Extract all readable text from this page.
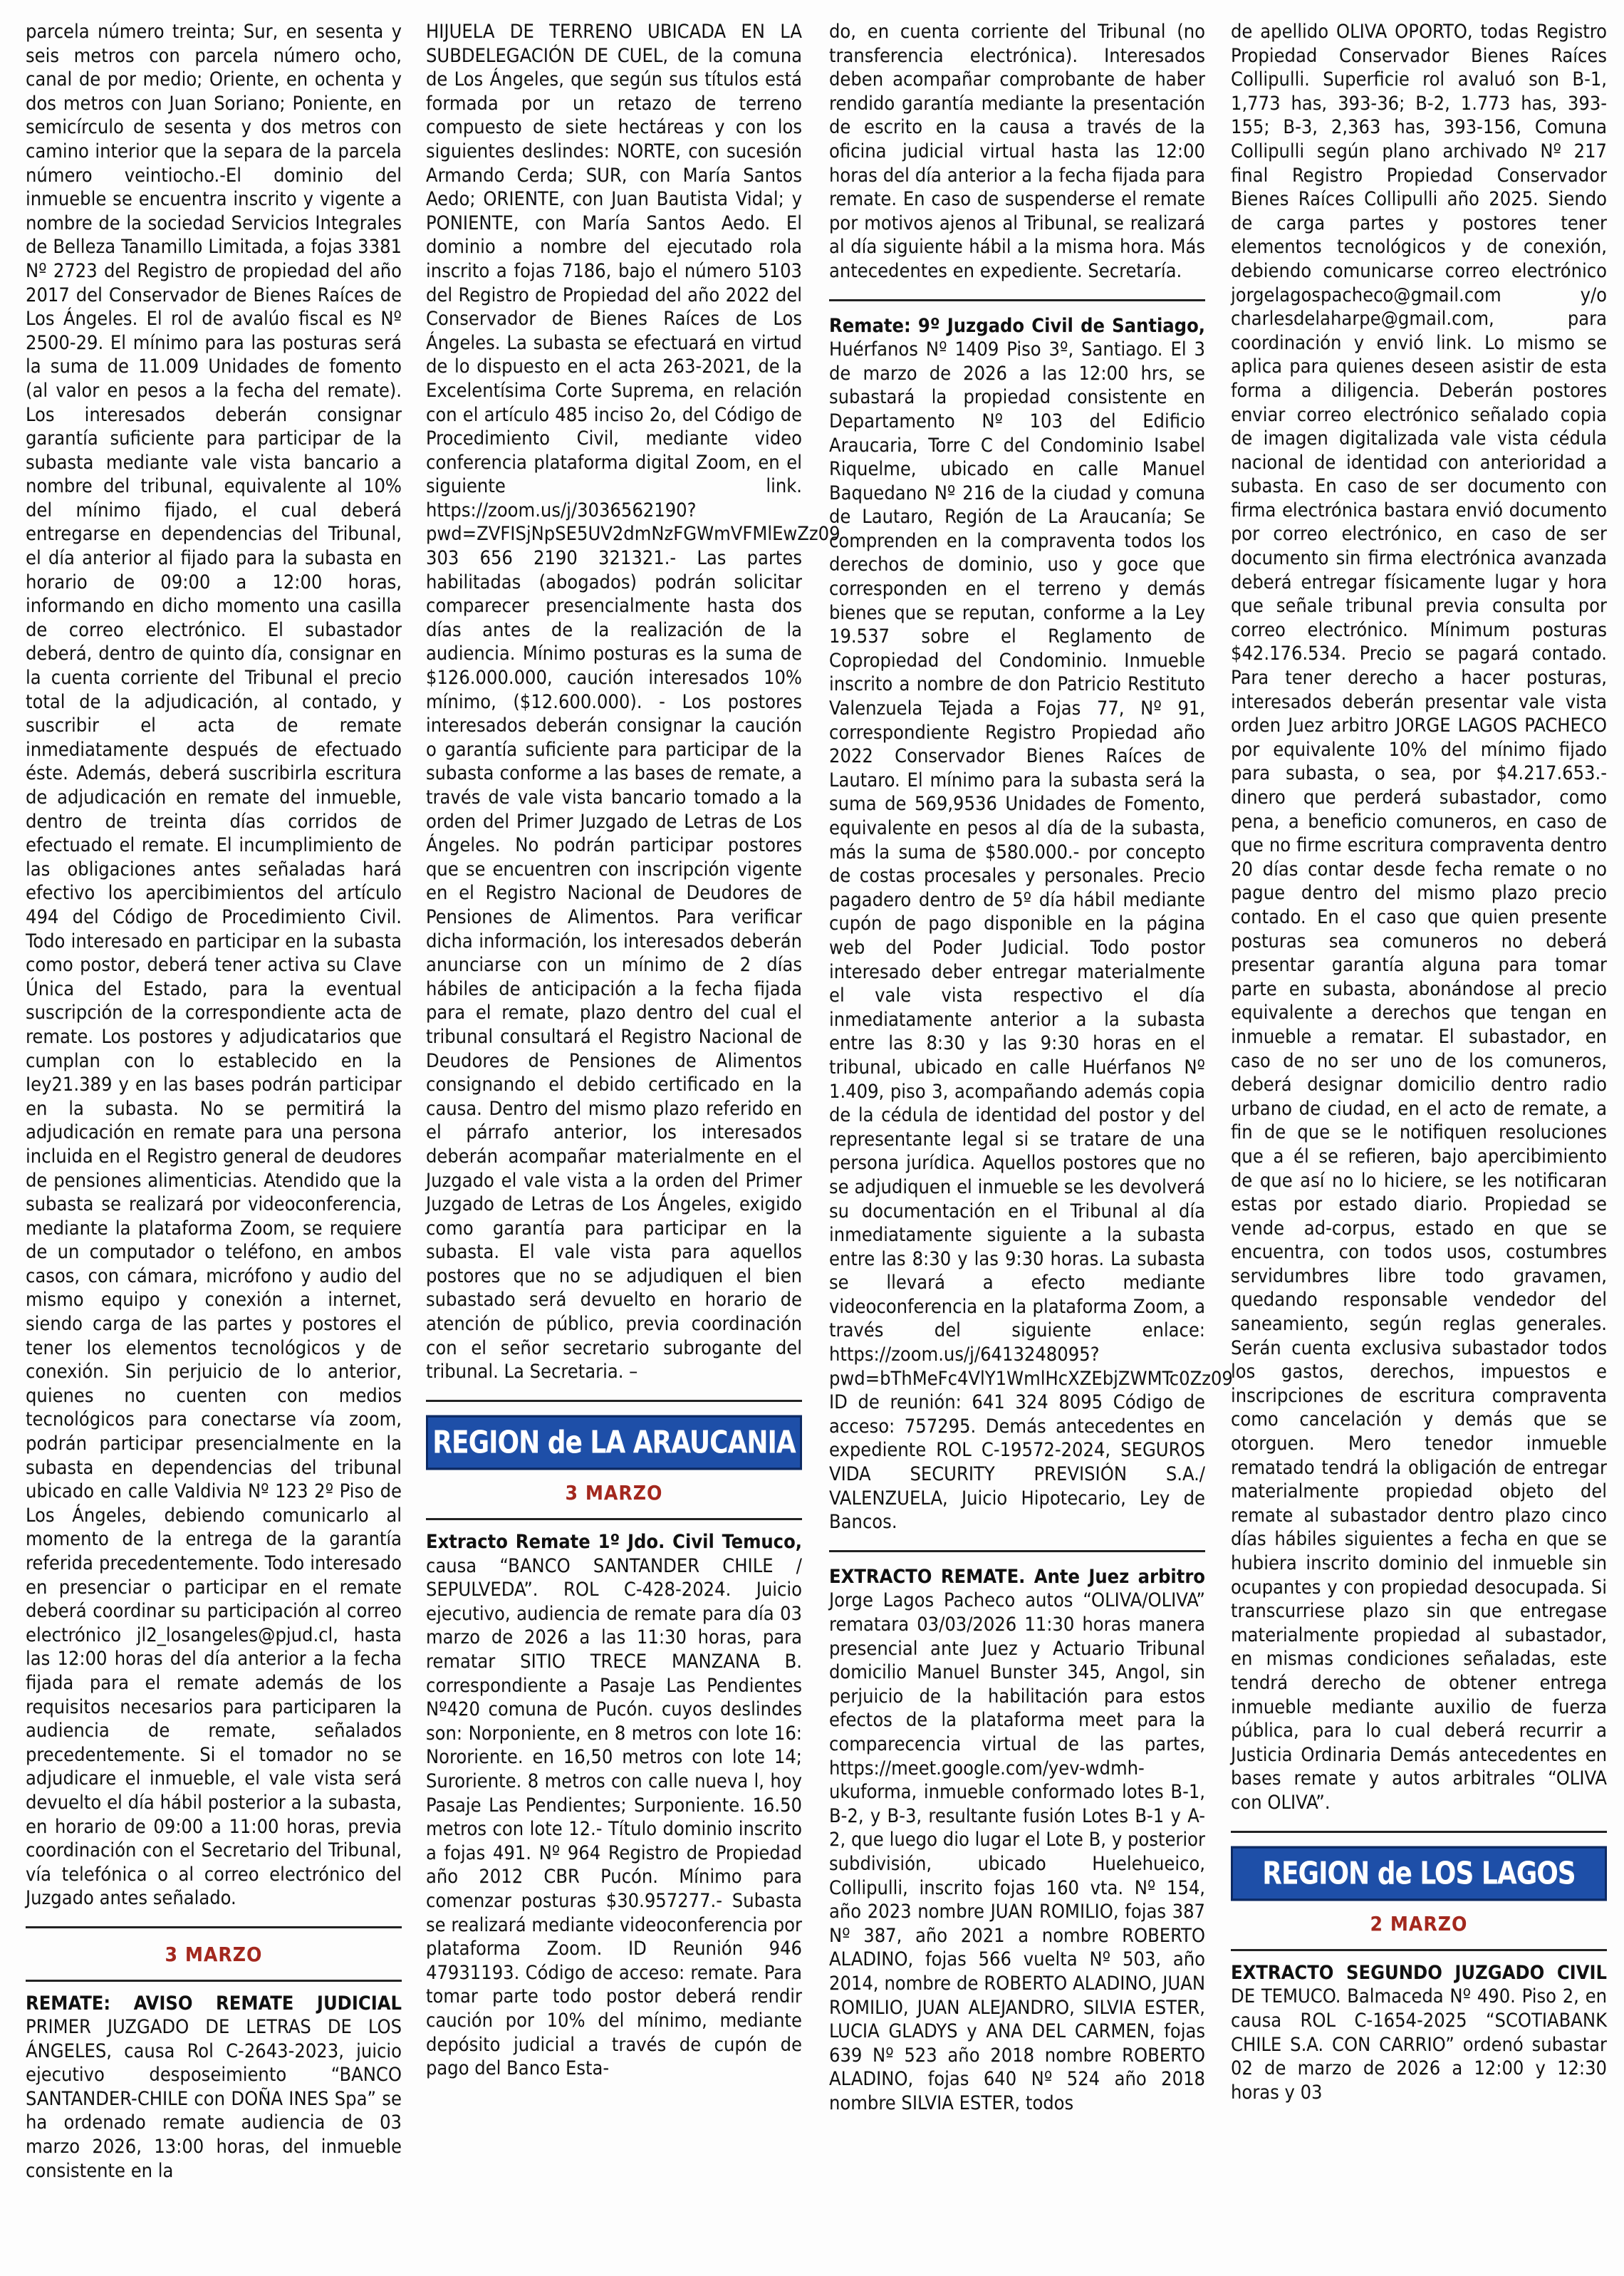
parcela número treinta; Sur, en sesenta y seis metros con parcela número ocho, canal de por medio; Oriente, en ochenta y dos metros con Juan Soriano; Poniente, en semicírculo de sesenta y dos metros con camino interior que la separa de la parcela número veintiocho.-El dominio del inmueble se encuentra inscrito y vigente a nombre de la sociedad Servicios Integrales de Belleza Tanamillo Limitada, a fojas 3381 Nº 2723 del Registro de propiedad del año 2017 del Conservador de Bienes Raíces de Los Ángeles. El rol de avalúo fiscal es Nº 2500-29. El mínimo para las posturas será la suma de 11.009 Unidades de fomento (al valor en pesos a la fecha del remate). Los interesados deberán consignar garantía suficiente para participar de la subasta mediante vale vista bancario a nombre del tribunal, equivalente al 10% del mínimo fijado, el cual deberá entregarse en dependencias del Tribunal, el día anterior al fijado para la subasta en horario de 09:00 a 12:00 horas, informando en dicho momento una casilla de correo electrónico. El subastador deberá, dentro de quinto día, consignar en la cuenta corriente del Tribunal el precio total de la adjudicación, al contado, y suscribir el acta de remate inmediatamente después de efectuado éste. Además, deberá suscribirla escritura de adjudicación en remate del inmueble, dentro de treinta días corridos de efectuado el remate. El incumplimiento de las obligaciones antes señaladas hará efectivo los apercibimientos del artículo 494 del Código de Procedimiento Civil. Todo interesado en participar en la subasta como postor, deberá tener activa su Clave Única del Estado, para la eventual suscripción de la correspondiente acta de remate. Los postores y adjudicatarios que cumplan con lo establecido en la Iey21.389 y en las bases podrán participar en la subasta. No se permitirá la adjudicación en remate para una persona incluida en el Registro general de deudores de pensiones alimenticias. Atendido que la subasta se realizará por videoconferencia, mediante la plataforma Zoom, se requiere de un computador o teléfono, en ambos casos, con cámara, micrófono y audio del mismo equipo y conexión a internet, siendo carga de las partes y postores el tener los elementos tecnológicos y de conexión. Sin perjuicio de lo anterior, quienes no cuenten con medios tecnológicos para conectarse vía zoom, podrán participar presencialmente en la subasta en dependencias del tribunal ubicado en calle Valdivia Nº 123 2º Piso de Los Ángeles, debiendo comunicarlo al momento de la entrega de la garantía referida precedentemente. Todo interesado en presenciar o participar en el remate deberá coordinar su participación al correo electrónico jl2_losangeles@pjud.cl, hasta las 12:00 horas del día anterior a la fecha fijada para el remate además de los requisitos necesarios para participaren la audiencia de remate, señalados precedentemente. Si el tomador no se adjudicare el inmueble, el vale vista será devuelto el día hábil posterior a la subasta, en horario de 09:00 a 11:00 horas, previa coordinación con el Secretario del Tribunal, vía telefónica o al correo electrónico del Juzgado antes señalado.

3 MARZO

REMATE: AVISO REMATE JUDICIAL PRIMER JUZGADO DE LETRAS DE LOS ÁNGELES, causa Rol C-2643-2023, juicio ejecutivo desposeimiento “BANCO SANTANDER-CHILE con DOÑA INES Spa” se ha ordenado remate audiencia de 03 marzo 2026, 13:00 horas, del inmueble consistente en la

HIJUELA DE TERRENO UBICADA EN LA SUBDELEGACIÓN DE CUEL, de la comuna de Los Ángeles, que según sus títulos está formada por un retazo de terreno compuesto de siete hectáreas y con los siguientes deslindes: NORTE, con sucesión Armando Cerda; SUR, con María Santos Aedo; ORIENTE, con Juan Bautista Vidal; y PONIENTE, con María Santos Aedo. El dominio a nombre del ejecutado rola inscrito a fojas 7186, bajo el número 5103 del Registro de Propiedad del año 2022 del Conservador de Bienes Raíces de Los Ángeles. La subasta se efectuará en virtud de lo dispuesto en el acta 263-2021, de la Excelentísima Corte Suprema, en relación con el artículo 485 inciso 2o, del Código de Procedimiento Civil, mediante video conferencia plataforma digital Zoom, en el siguiente link. https://zoom.us/j/3036562190?pwd=ZVFISjNpSE5UV2dmNzFGWmVFMlEwZz09 303 656 2190 321321.- Las partes habilitadas (abogados) podrán solicitar comparecer presencialmente hasta dos días antes de la realización de la audiencia. Mínimo posturas es la suma de $126.000.000, caución interesados 10% mínimo, ($12.600.000). - Los postores interesados deberán consignar la caución o garantía suficiente para participar de la subasta conforme a las bases de remate, a través de vale vista bancario tomado a la orden del Primer Juzgado de Letras de Los Ángeles. No podrán participar postores que se encuentren con inscripción vigente en el Registro Nacional de Deudores de Pensiones de Alimentos. Para verificar dicha información, los interesados deberán anunciarse con un mínimo de 2 días hábiles de anticipación a la fecha fijada para el remate, plazo dentro del cual el tribunal consultará el Registro Nacional de Deudores de Pensiones de Alimentos consignando el debido certificado en la causa. Dentro del mismo plazo referido en el párrafo anterior, los interesados deberán acompañar materialmente en el Juzgado el vale vista a la orden del Primer Juzgado de Letras de Los Ángeles, exigido como garantía para participar en la subasta. El vale vista para aquellos postores que no se adjudiquen el bien subastado será devuelto en horario de atención de público, previa coordinación con el señor secretario subrogante del tribunal. La Secretaria. –

REGION de LA ARAUCANIA
3 MARZO

Extracto Remate 1º Jdo. Civil Temuco, causa “BANCO SANTANDER CHILE / SEPULVEDA”. ROL C-428-2024. Juicio ejecutivo, audiencia de remate para día 03 marzo de 2026 a las 11:30 horas, para rematar SITIO TRECE MANZANA B. correspondiente a Pasaje Las Pendientes Nº420 comuna de Pucón. cuyos deslindes son: Norponiente, en 8 metros con lote 16: Nororiente. en 16,50 metros con lote 14; Suroriente. 8 metros con calle nueva l, hoy Pasaje Las Pendientes; Surponiente. 16.50 metros con lote 12.- Título dominio inscrito a fojas 491. Nº 964 Registro de Propiedad año 2012 CBR Pucón. Mínimo para comenzar posturas $30.957277.- Subasta se realizará mediante videoconferencia por plataforma Zoom. ID Reunión 946 47931193. Código de acceso: remate. Para tomar parte todo postor deberá rendir caución por 10% del mínimo, mediante depósito judicial a través de cupón de pago del Banco Esta-

do, en cuenta corriente del Tribunal (no transferencia electrónica). Interesados deben acompañar comprobante de haber rendido garantía mediante la presentación de escrito en la causa a través de la oficina judicial virtual hasta las 12:00 horas del día anterior a la fecha fijada para remate. En caso de suspenderse el remate por motivos ajenos al Tribunal, se realizará al día siguiente hábil a la misma hora. Más antecedentes en expediente. Secretaría.

Remate: 9º Juzgado Civil de Santiago, Huérfanos Nº 1409 Piso 3º, Santiago. El 3 de marzo de 2026 a las 12:00 hrs, se subastará la propiedad consistente en Departamento Nº 103 del Edificio Araucaria, Torre C del Condominio Isabel Riquelme, ubicado en calle Manuel Baquedano Nº 216 de la ciudad y comuna de Lautaro, Región de La Araucanía; Se comprenden en la compraventa todos los derechos de dominio, uso y goce que corresponden en el terreno y demás bienes que se reputan, conforme a la Ley 19.537 sobre el Reglamento de Copropiedad del Condominio. Inmueble inscrito a nombre de don Patricio Restituto Valenzuela Tejada a Fojas 77, Nº 91, correspondiente Registro Propiedad año 2022 Conservador Bienes Raíces de Lautaro. El mínimo para la subasta será la suma de 569,9536 Unidades de Fomento, equivalente en pesos al día de la subasta, más la suma de $580.000.- por concepto de costas procesales y personales. Precio pagadero dentro de 5º día hábil mediante cupón de pago disponible en la página web del Poder Judicial. Todo postor interesado deber entregar materialmente el vale vista respectivo el día inmediatamente anterior a la subasta entre las 8:30 y las 9:30 horas en el tribunal, ubicado en calle Huérfanos Nº 1.409, piso 3, acompañando además copia de la cédula de identidad del postor y del representante legal si se tratare de una persona jurídica. Aquellos postores que no se adjudiquen el inmueble se les devolverá su documentación en el Tribunal al día inmediatamente siguiente a la subasta entre las 8:30 y las 9:30 horas. La subasta se llevará a efecto mediante videoconferencia en la plataforma Zoom, a través del siguiente enlace: https://zoom.us/j/6413248095?pwd=bThMeFc4VlY1WmlHcXZEbjZWMTc0Zz09 ID de reunión: 641 324 8095 Código de acceso: 757295. Demás antecedentes en expediente ROL C-19572-2024, SEGUROS VIDA SECURITY PREVISIÓN S.A./ VALENZUELA, Juicio Hipotecario, Ley de Bancos.

EXTRACTO REMATE. Ante Juez arbitro Jorge Lagos Pacheco autos “OLIVA/OLIVA” rematara 03/03/2026 11:30 horas manera presencial ante Juez y Actuario Tribunal domicilio Manuel Bunster 345, Angol, sin perjuicio de la habilitación para estos efectos de la plataforma meet para la comparecencia virtual de las partes, https://meet.google.com/yev-wdmh-ukuforma, inmueble conformado lotes B-1, B-2, y B-3, resultante fusión Lotes B-1 y A-2, que luego dio lugar el Lote B, y posterior subdivisión, ubicado Huelehueico, Collipulli, inscrito fojas 160 vta. Nº 154, año 2023 nombre JUAN ROMILIO, fojas 387 Nº 387, año 2021 a nombre ROBERTO ALADINO, fojas 566 vuelta Nº 503, año 2014, nombre de ROBERTO ALADINO, JUAN ROMILIO, JUAN ALEJANDRO, SILVIA ESTER, LUCIA GLADYS y ANA DEL CARMEN, fojas 639 Nº 523 año 2018 nombre ROBERTO ALADINO, fojas 640 Nº 524 año 2018 nombre SILVIA ESTER, todos

de apellido OLIVA OPORTO, todas Registro Propiedad Conservador Bienes Raíces Collipulli. Superficie rol avaluó son B-1, 1,773 has, 393-36; B-2, 1.773 has, 393-155; B-3, 2,363 has, 393-156, Comuna Collipulli según plano archivado Nº 217 final Registro Propiedad Conservador Bienes Raíces Collipulli año 2025. Siendo de carga partes y postores tener elementos tecnológicos y de conexión, debiendo comunicarse correo electrónico jorgelagospacheco@gmail.com y/o charlesdelaharpe@gmail.com, para coordinación y envió link. Lo mismo se aplica para quienes deseen asistir de esta forma a diligencia. Deberán postores enviar correo electrónico señalado copia de imagen digitalizada vale vista cédula nacional de identidad con anterioridad a subasta. En caso de ser documento con firma electrónica bastara envió documento por correo electrónico, en caso de ser documento sin firma electrónica avanzada deberá entregar físicamente lugar y hora que señale tribunal previa consulta por correo electrónico. Mínimum posturas $42.176.534. Precio se pagará contado. Para tener derecho a hacer posturas, interesados deberán presentar vale vista orden Juez arbitro JORGE LAGOS PACHECO por equivalente 10% del mínimo fijado para subasta, o sea, por $4.217.653.- dinero que perderá subastador, como pena, a beneficio comuneros, en caso de que no firme escritura compraventa dentro 20 días contar desde fecha remate o no pague dentro del mismo plazo precio contado. En el caso que quien presente posturas sea comuneros no deberá presentar garantía alguna para tomar parte en subasta, abonándose al precio equivalente a derechos que tengan en inmueble a rematar. El subastador, en caso de no ser uno de los comuneros, deberá designar domicilio dentro radio urbano de ciudad, en el acto de remate, a fin de que se le notifiquen resoluciones que a él se refieren, bajo apercibimiento de que así no lo hiciere, se les notificaran estas por estado diario. Propiedad se vende ad-corpus, estado en que se encuentra, con todos usos, costumbres servidumbres libre todo gravamen, quedando responsable vendedor del saneamiento, según reglas generales. Serán cuenta exclusiva subastador todos los gastos, derechos, impuestos e inscripciones de escritura compraventa como cancelación y demás que se otorguen. Mero tenedor inmueble rematado tendrá la obligación de entregar materialmente propiedad objeto del remate al subastador dentro plazo cinco días hábiles siguientes a fecha en que se hubiera inscrito dominio del inmueble sin ocupantes y con propiedad desocupada. Si transcurriese plazo sin que entregase materialmente propiedad al subastador, en mismas condiciones señaladas, este tendrá derecho de obtener entrega inmueble mediante auxilio de fuerza pública, para lo cual deberá recurrir a Justicia Ordinaria Demás antecedentes en bases remate y autos arbitrales “OLIVA con OLIVA”.

REGION de LOS LAGOS
2 MARZO

EXTRACTO SEGUNDO JUZGADO CIVIL DE TEMUCO. Balmaceda Nº 490. Piso 2, en causa ROL C-1654-2025 “SCOTIABANK CHILE S.A. CON CARRIO” ordenó subastar 02 de marzo de 2026 a 12:00 y 12:30 horas y 03
